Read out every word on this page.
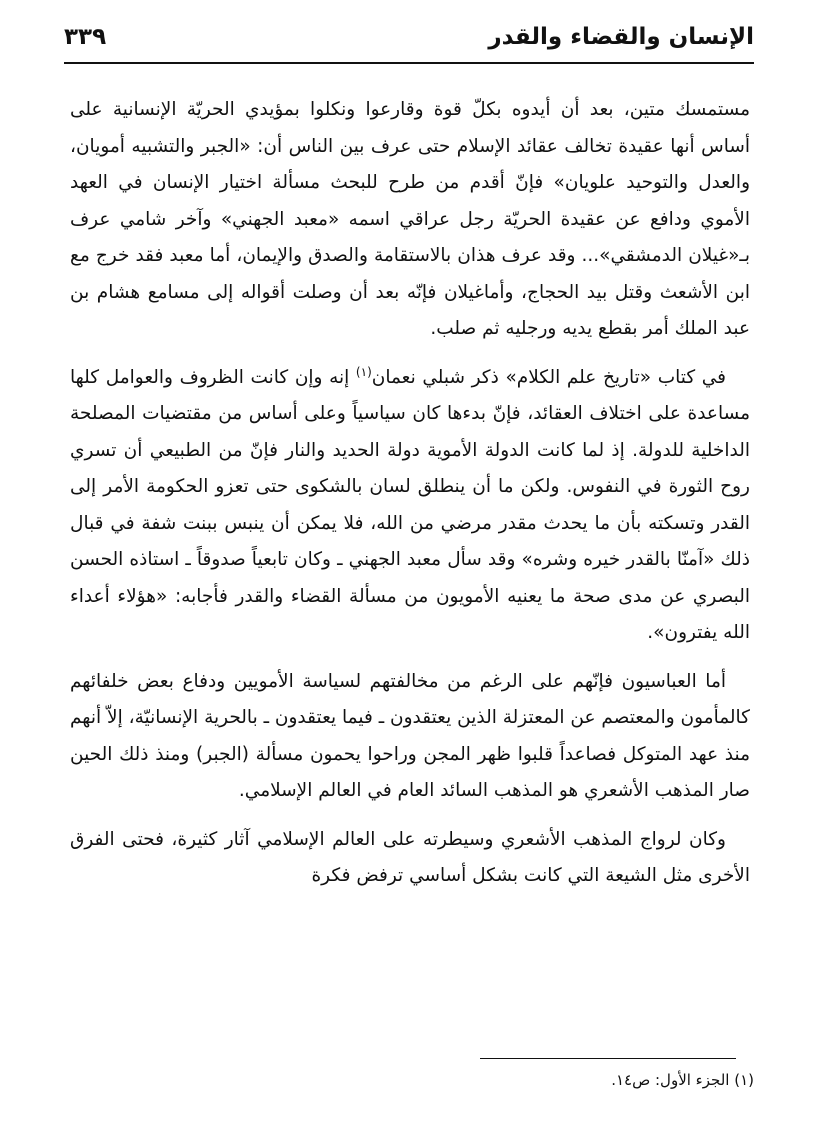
الإنسان والقضاء والقدر
٣٣٩

مستمسك متين، بعد أن أيدوه بكلّ قوة وقارعوا ونكلوا بمؤيدي الحريّة الإنسانية على أساس أنها عقيدة تخالف عقائد الإسلام حتى عرف بين الناس أن: «الجبر والتشبيه أمويان، والعدل والتوحيد علويان» فإنّ أقدم من طرح للبحث مسألة اختيار الإنسان في العهد الأموي ودافع عن عقيدة الحريّة رجل عراقي اسمه «معبد الجهني» وآخر شامي عرف بـ«غيلان الدمشقي»... وقد عرف هذان بالاستقامة والصدق والإيمان، أما معبد فقد خرج مع ابن الأشعث وقتل بيد الحجاج، وأماغيلان فإنّه بعد أن وصلت أقواله إلى مسامع هشام بن عبد الملك أمر بقطع يديه ورجليه ثم صلب.

في كتاب «تاريخ علم الكلام» ذكر شبلي نعمان$^{(١)}$ إنه وإن كانت الظروف والعوامل كلها مساعدة على اختلاف العقائد، فإنّ بدءها كان سياسياً وعلى أساس من مقتضيات المصلحة الداخلية للدولة. إذ لما كانت الدولة الأموية دولة الحديد والنار فإنّ من الطبيعي أن تسري روح الثورة في النفوس. ولكن ما أن ينطلق لسان بالشكوى حتى تعزو الحكومة الأمر إلى القدر وتسكته بأن ما يحدث مقدر مرضي من الله، فلا يمكن أن ينبس ببنت شفة في قبال ذلك «آمنّا بالقدر خيره وشره» وقد سأل معبد الجهني ـ وكان تابعياً صدوقاً ـ استاذه الحسن البصري عن مدى صحة ما يعنيه الأمويون من مسألة القضاء والقدر فأجابه: «هؤلاء أعداء الله يفترون».

أما العباسيون فإنّهم على الرغم من مخالفتهم لسياسة الأمويين ودفاع بعض خلفائهم كالمأمون والمعتصم عن المعتزلة الذين يعتقدون ـ فيما يعتقدون ـ بالحرية الإنسانيّة، إلاّ أنهم منذ عهد المتوكل فصاعداً قلبوا ظهر المجن وراحوا يحمون مسألة (الجبر) ومنذ ذلك الحين صار المذهب الأشعري هو المذهب السائد العام في العالم الإسلامي.

وكان لرواج المذهب الأشعري وسيطرته على العالم الإسلامي آثار كثيرة، فحتى الفرق الأخرى مثل الشيعة التي كانت بشكل أساسي ترفض فكرة

(١) الجزء الأول: ص١٤.
